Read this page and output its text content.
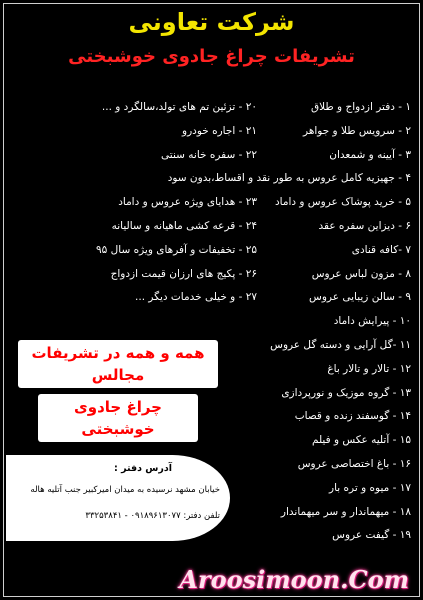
شرکت تعاونی
تشریفات چراغ جادوی خوشبختی
۱ - دفتر ازدواج و طلاق
۲ - سرویس طلا و جواهر
۳ - آیینه و شمعدان
۴ - جهیزیه کامل عروس به طور نقد و اقساط،بدون سود
۵ - خرید پوشاک عروس و داماد
۶ - دیزاین سفره عقد
۷ -کافه قنادی
۸ - مزون لباس عروس
۹ - سالن زیبایی عروس
۱۰ - پیرایش داماد
۱۱ -گل آرایی و دسته گل عروس
۱۲ - تالار و تالار باغ
۱۳ - گروه موزیک و نورپردازی
۱۴ - گوسفند زنده و قصاب
۱۵ - آتلیه عکس و فیلم
۱۶ - باغ اختصاصی عروس
۱۷ - میوه و تره بار
۱۸ - میهماندار و سر میهماندار
۱۹ - گیفت عروس
۲۰ - تزئین تم های تولد،سالگرد و ...
۲۱ - اجاره خودرو
۲۲ - سفره خانه سنتی
۲۳ - هدایای ویژه عروس و داماد
۲۴ - قرعه کشی ماهیانه و سالیانه
۲۵ - تخفیفات و آفرهای ویژه سال ۹۵
۲۶ - پکیج های ارزان قیمت ازدواج
۲۷ - و خیلی خدمات دیگر ...
همه و همه در تشریفات مجالس
چراغ جادوی خوشبختی
آدرس دفتر :
خیابان مشهد نرسیده به میدان امیرکبیر جنب آتلیه هاله
تلفن دفتر: ۰۹۱۸۹۶۱۳۰۷۷ - ۳۳۲۵۳۸۴۱
Aroosimoon.Com
